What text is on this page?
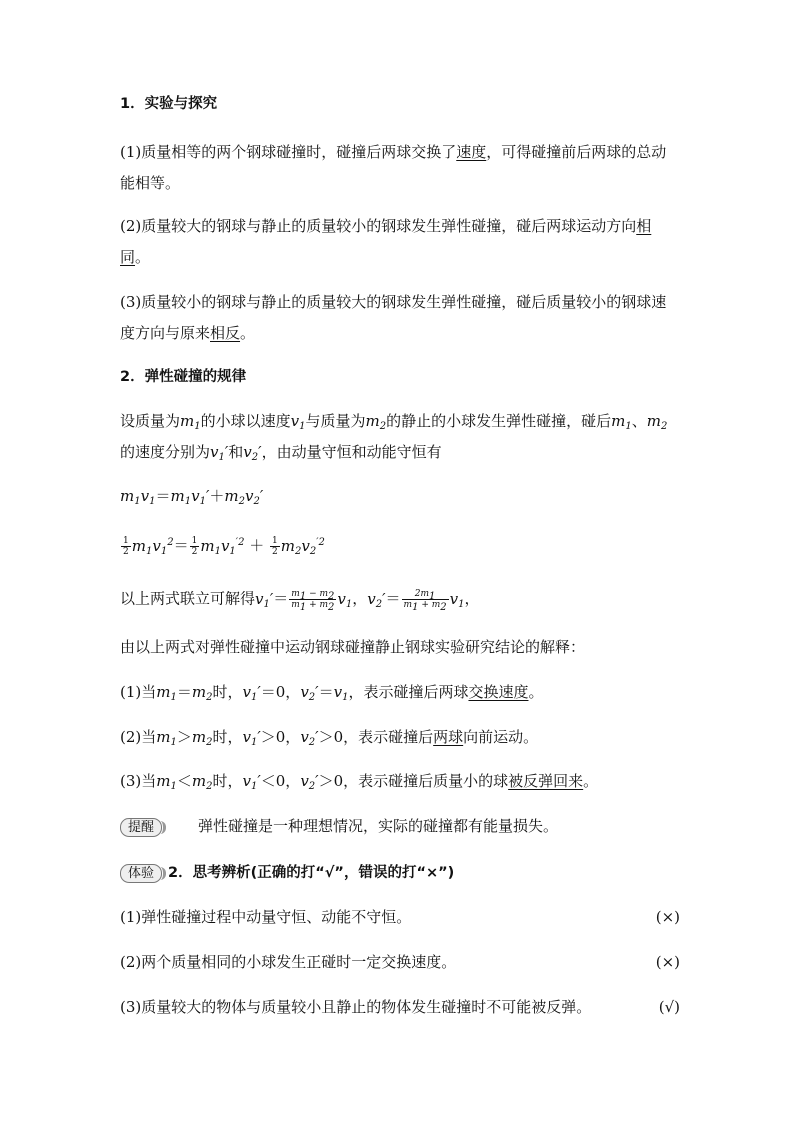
1．实验与探究
(1)质量相等的两个钢球碰撞时，碰撞后两球交换了速度，可得碰撞前后两球的总动能相等。
(2)质量较大的钢球与静止的质量较小的钢球发生弹性碰撞，碰后两球运动方向相同。
(3)质量较小的钢球与静止的质量较大的钢球发生弹性碰撞，碰后质量较小的钢球速度方向与原来相反。
2．弹性碰撞的规律
设质量为$m_1$的小球以速度$v_1$与质量为$m_2$的静止的小球发生弹性碰撞，碰后$m_1$、$m_2$的速度分别为$v_1'$和$v_2'$，由动量守恒和动能守恒有
$m_1v_1=m_1v_1'+m_2v_2'$
$\frac{1}{2} m_1v_1^2= \frac{1}{2} m_1v_1^{'2} + \frac{1}{2} m_2v_2^{'2}$
以上两式联立可解得$v_1'= \frac{m_1 - m_2}{m_1 + m_2} v_1$，$v_2'= \frac{2m_1}{m_1 + m_2} v_1$，
由以上两式对弹性碰撞中运动钢球碰撞静止钢球实验研究结论的解释：
(1)当$m_1=m_2$时，$v_1'=0$，$v_2'=v_1$，表示碰撞后两球交换速度。
(2)当$m_1>m_2$时，$v_1'>0$，$v_2'>0$，表示碰撞后两球向前运动。
(3)当$m_1<m_2$时，$v_1'<0$，$v_2'>0$，表示碰撞后质量小的球被反弹回来。
提醒	弹性碰撞是一种理想情况，实际的碰撞都有能量损失。
体验 2．思考辨析(正确的打“√”，错误的打“×”)
(1)弹性碰撞过程中动量守恒、动能不守恒。	(×)
(2)两个质量相同的小球发生正碰时一定交换速度。	(×)
(3)质量较大的物体与质量较小且静止的物体发生碰撞时不可能被反弹。	(√)
